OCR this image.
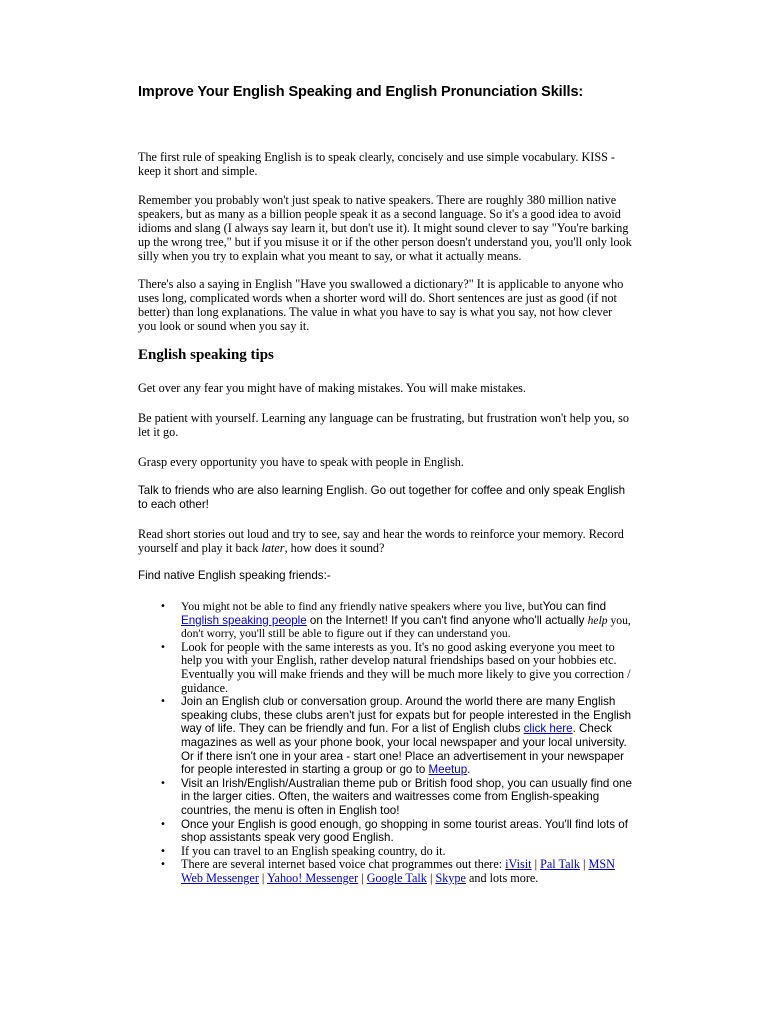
Improve Your English Speaking and English Pronunciation Skills:

The first rule of speaking English is to speak clearly, concisely and use simple vocabulary. KISS - keep it short and simple.

Remember you probably won't just speak to native speakers. There are roughly 380 million native speakers, but as many as a billion people speak it as a second language. So it's a good idea to avoid idioms and slang (I always say learn it, but don't use it). It might sound clever to say "You're barking up the wrong tree," but if you misuse it or if the other person doesn't understand you, you'll only look silly when you try to explain what you meant to say, or what it actually means.

There's also a saying in English "Have you swallowed a dictionary?" It is applicable to anyone who uses long, complicated words when a shorter word will do. Short sentences are just as good (if not better) than long explanations. The value in what you have to say is what you say, not how clever you look or sound when you say it.

English speaking tips

Get over any fear you might have of making mistakes. You will make mistakes.

Be patient with yourself. Learning any language can be frustrating, but frustration won't help you, so let it go.

Grasp every opportunity you have to speak with people in English.

Talk to friends who are also learning English. Go out together for coffee and only speak English to each other!

Read short stories out loud and try to see, say and hear the words to reinforce your memory. Record yourself and play it back later, how does it sound?

Find native English speaking friends:-

• You might not be able to find any friendly native speakers where you live, butYou can find English speaking people on the Internet! If you can't find anyone who'll actually help you, don't worry, you'll still be able to figure out if they can understand you.
• Look for people with the same interests as you. It's no good asking everyone you meet to help you with your English, rather develop natural friendships based on your hobbies etc. Eventually you will make friends and they will be much more likely to give you correction / guidance.
• Join an English club or conversation group. Around the world there are many English speaking clubs, these clubs aren't just for expats but for people interested in the English way of life. They can be friendly and fun. For a list of English clubs click here. Check magazines as well as your phone book, your local newspaper and your local university. Or if there isn't one in your area - start one! Place an advertisement in your newspaper for people interested in starting a group or go to Meetup.
• Visit an Irish/English/Australian theme pub or British food shop, you can usually find one in the larger cities. Often, the waiters and waitresses come from English-speaking countries, the menu is often in English too!
• Once your English is good enough, go shopping in some tourist areas. You'll find lots of shop assistants speak very good English.
• If you can travel to an English speaking country, do it.
• There are several internet based voice chat programmes out there: iVisit | Pal Talk | MSN Web Messenger | Yahoo! Messenger | Google Talk | Skype and lots more.
